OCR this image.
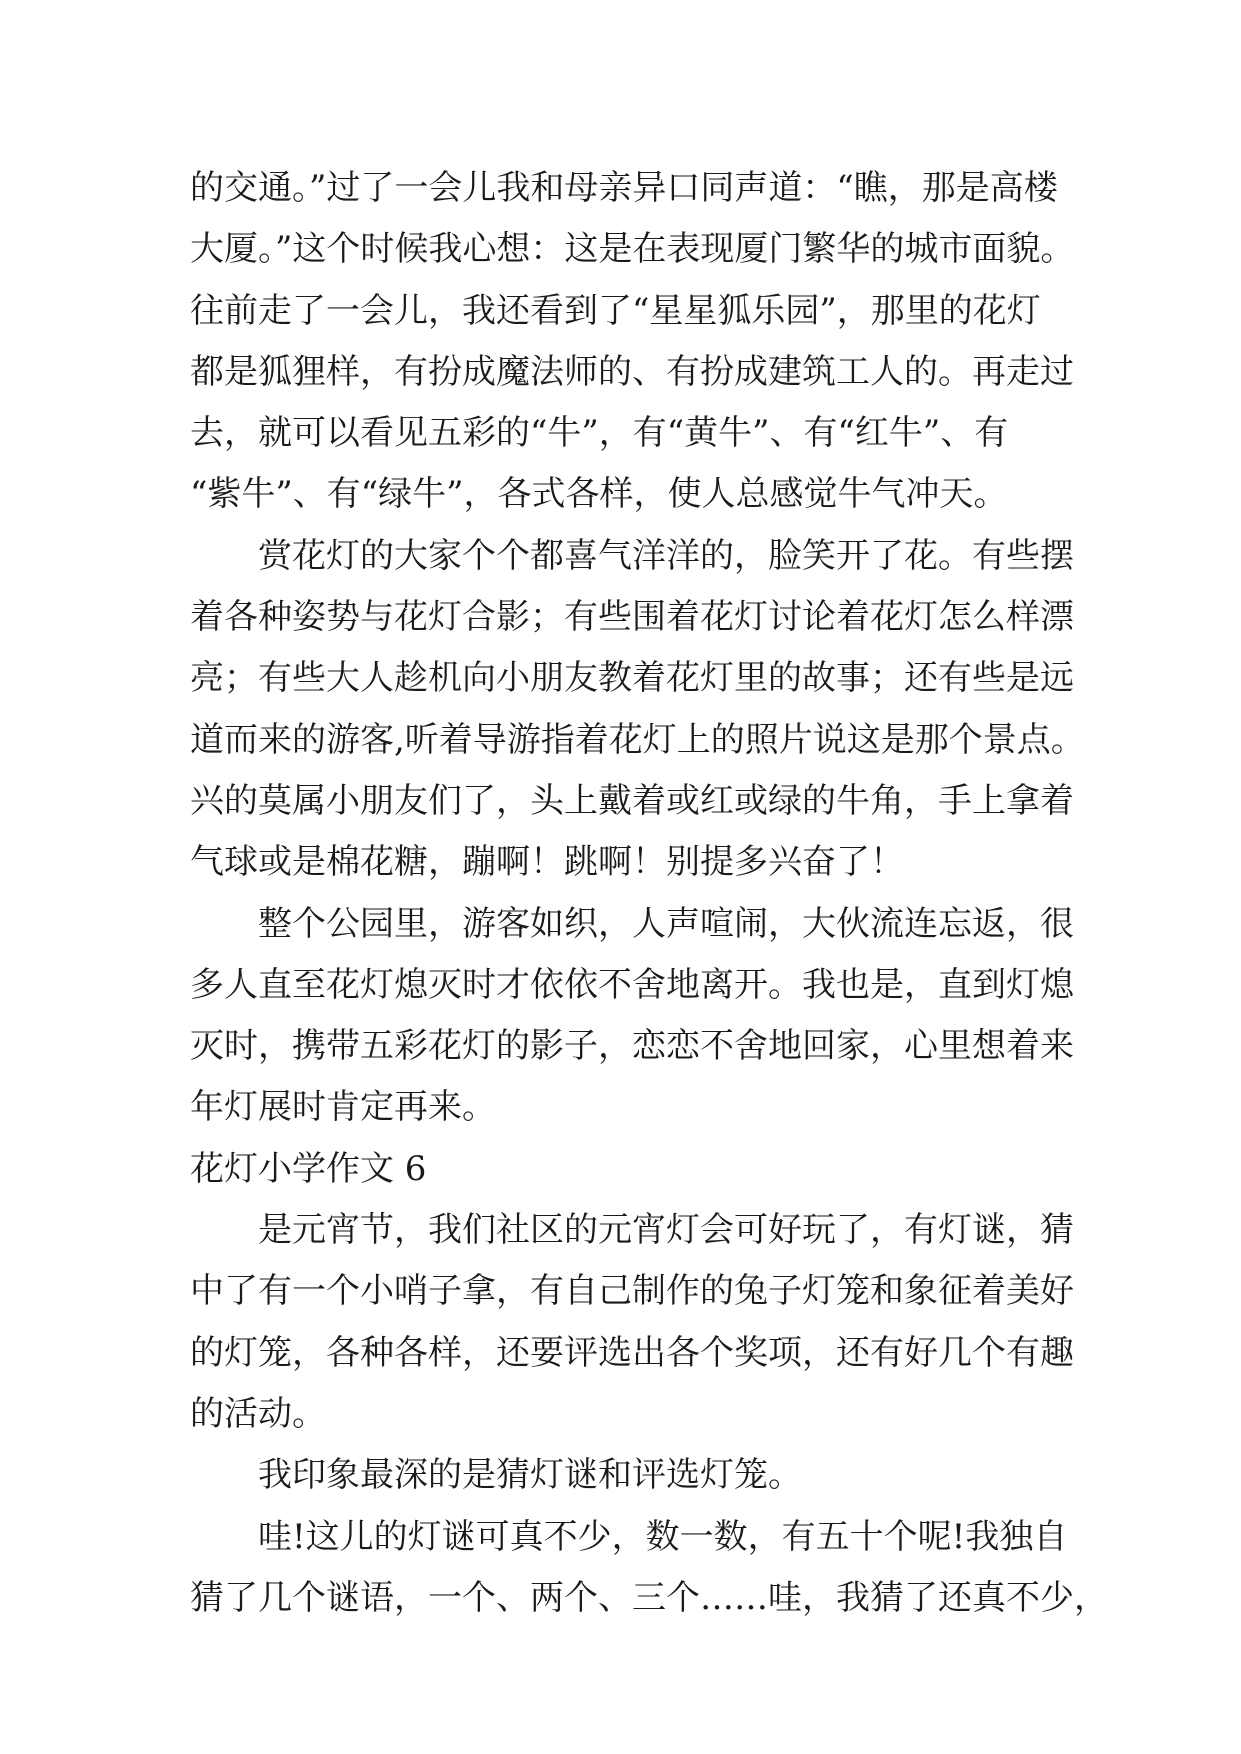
的交通。”过了一会儿我和母亲异口同声道：“瞧，那是高楼
大厦。”这个时候我心想：这是在表现厦门繁华的城市面貌。
往前走了一会儿，我还看到了“星星狐乐园”，那里的花灯
都是狐狸样，有扮成魔法师的、有扮成建筑工人的。再走过
去，就可以看见五彩的“牛”，有“黄牛”、有“红牛”、有
“紫牛”、有“绿牛”，各式各样，使人总感觉牛气冲天。
赏花灯的大家个个都喜气洋洋的，脸笑开了花。有些摆
着各种姿势与花灯合影；有些围着花灯讨论着花灯怎么样漂
亮；有些大人趁机向小朋友教着花灯里的故事；还有些是远
道而来的游客,听着导游指着花灯上的照片说这是那个景点。
兴的莫属小朋友们了，头上戴着或红或绿的牛角，手上拿着
气球或是棉花糖，蹦啊！跳啊！别提多兴奋了！
整个公园里，游客如织，人声喧闹，大伙流连忘返，很
多人直至花灯熄灭时才依依不舍地离开。我也是，直到灯熄
灭时，携带五彩花灯的影子，恋恋不舍地回家，心里想着来
年灯展时肯定再来。
花灯小学作文 6
是元宵节，我们社区的元宵灯会可好玩了，有灯谜，猜
中了有一个小哨子拿，有自己制作的兔子灯笼和象征着美好
的灯笼，各种各样，还要评选出各个奖项，还有好几个有趣
的活动。
我印象最深的是猜灯谜和评选灯笼。
哇!这儿的灯谜可真不少，数一数，有五十个呢!我独自
猜了几个谜语，一个、两个、三个……哇，我猜了还真不少，
